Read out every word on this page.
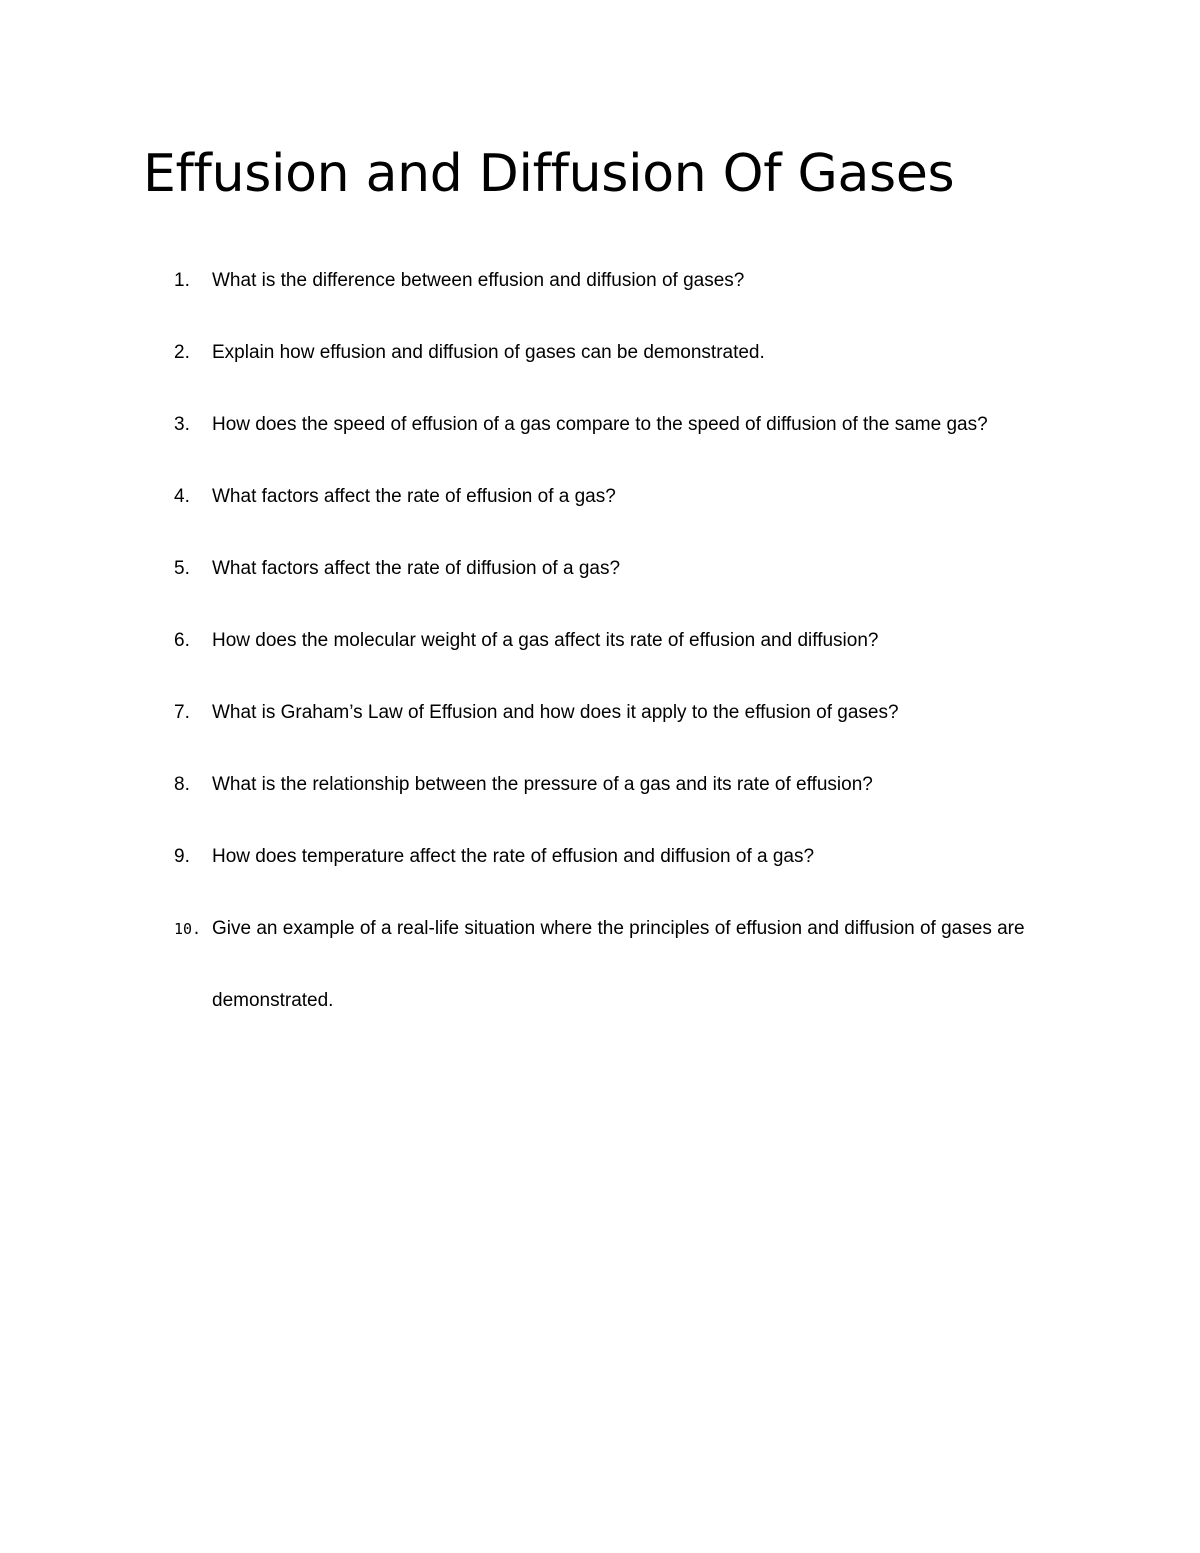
Effusion and Diffusion Of Gases
1. What is the difference between effusion and diffusion of gases?
2. Explain how effusion and diffusion of gases can be demonstrated.
3. How does the speed of effusion of a gas compare to the speed of diffusion of the same gas?
4. What factors affect the rate of effusion of a gas?
5. What factors affect the rate of diffusion of a gas?
6. How does the molecular weight of a gas affect its rate of effusion and diffusion?
7. What is Graham’s Law of Effusion and how does it apply to the effusion of gases?
8. What is the relationship between the pressure of a gas and its rate of effusion?
9. How does temperature affect the rate of effusion and diffusion of a gas?
10. Give an example of a real-life situation where the principles of effusion and diffusion of gases are demonstrated.
